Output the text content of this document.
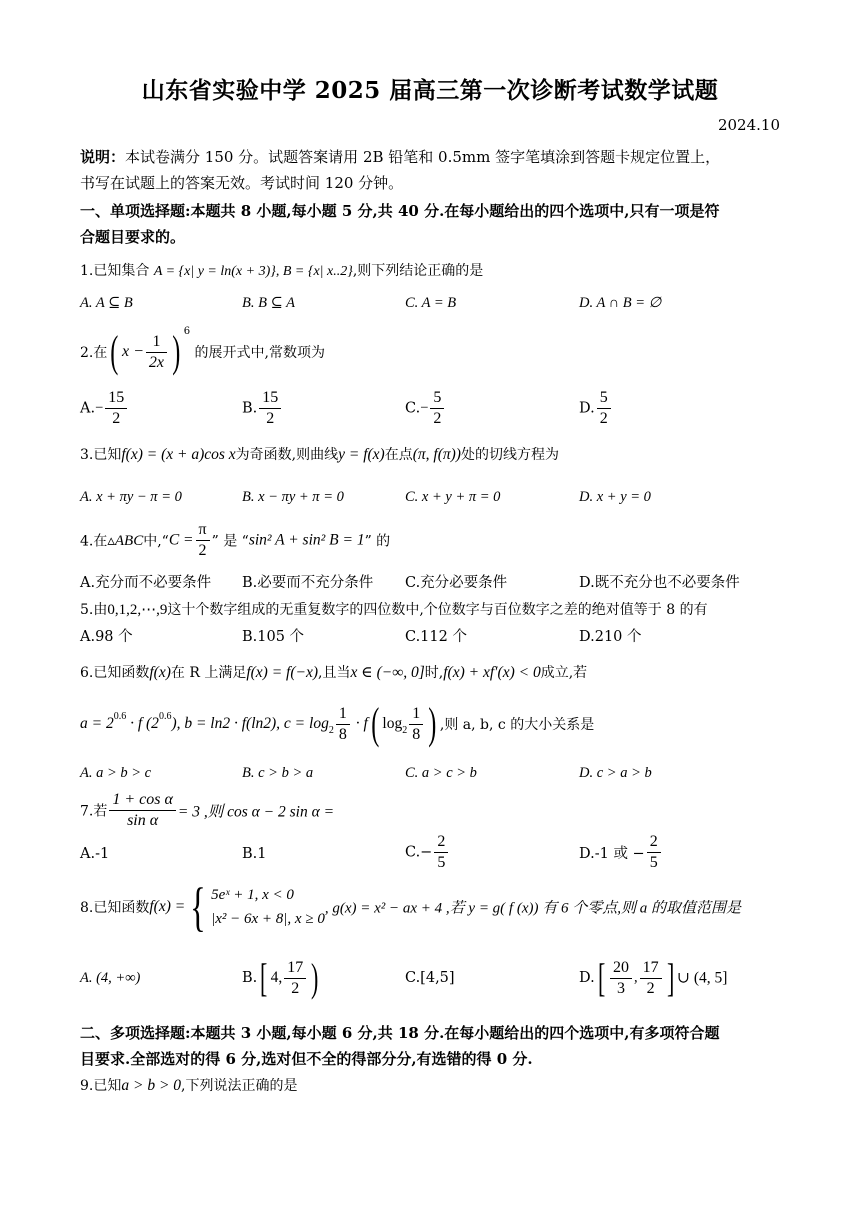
山东省实验中学 2025 届高三第一次诊断考试数学试题
2024.10
说明：本试卷满分 150 分。试题答案请用 2B 铅笔和 0.5mm 签字笔填涂到答题卡规定位置上，
书写在试题上的答案无效。考试时间 120 分钟。
一、单项选择题:本题共 8 小题,每小题 5 分,共 40 分.在每小题给出的四个选项中,只有一项是符
合题目要求的。
1.已知集合 A = {x| y = ln(x + 3)}, B = {x| x..2},则下列结论正确的是
A. A ⊆ B	B. B ⊆ A	C. A = B	D. A ∩ B = ∅
2.在( $x - \frac{1}{2x}$ ) $^6$ 的展开式中,常数项为
$A.- \frac{15}{2}$	B. $\frac{15}{2}$	$C.- \frac{5}{2}$	D. $\frac{5}{2}$
3.已知f(x) = (x + a)cos x为奇函数,则曲线y = f(x)在点(π, f(π))处的切线方程为
A. x + πy − π = 0	B. x − πy + π = 0	C. x + y + π = 0	D. x + y = 0
4.在▵ABC中,“C = $\frac{\pi}{2}$ ” 是 “sin² A + sin² B = 1” 的
A.充分而不必要条件 B.必要而不充分条件 C.充分必要条件	D.既不充分也不必要条件
5.由0,1,2,⋯,9这十个数字组成的无重复数字的四位数中,个位数字与百位数字之差的绝对值等于 8 的有
A.98 个	B.105 个	C.112 个	D.210 个
6.已知函数f(x)在 R 上满足f(x) = f(−x),且当x ∈ (−∞, 0]时,f(x) + xf′(x) < 0成立,若
$a = 2^{0.6} \cdot f$ $(2^{0.6})$, b = ln2 · f(ln2), $c = \log_2 \frac{1}{8} \cdot f$( $\log_2 \frac{1}{8}$ ) ,则 a, b, c 的大小关系是
A. a > b > c	B. c > b > a	C. a > c > b	D. c > a > b
7.若 $\frac{\text{1 + cos α}}{\text{sin α}} = 3$ ,则 cos α − 2 sin α =
A.-1	B.1	$C.- \frac{2}{5}$	D.-1 或 − $\frac{2}{5}$
8.已知函数f(x) ={ 5eˣ + 1, x < 0
|x² − 6x + 8|, x ≥ 0
, g(x) = x² − ax + 4 ,若 y = g( f (x)) 有 6 个零点,则 a 的取值范围是
A. (4, +∞)	B.[ 4, $\frac{17}{2}$ )	C.[4,5]	$D.[ \frac{20}{3}$ , $\frac{17}{2}$ ] ∪ (4, 5]
二、多项选择题:本题共 3 小题,每小题 6 分,共 18 分.在每小题给出的四个选项中,有多项符合题
目要求.全部选对的得 6 分,选对但不全的得部分分,有选错的得 0 分.
9.已知a > b > 0,下列说法正确的是
